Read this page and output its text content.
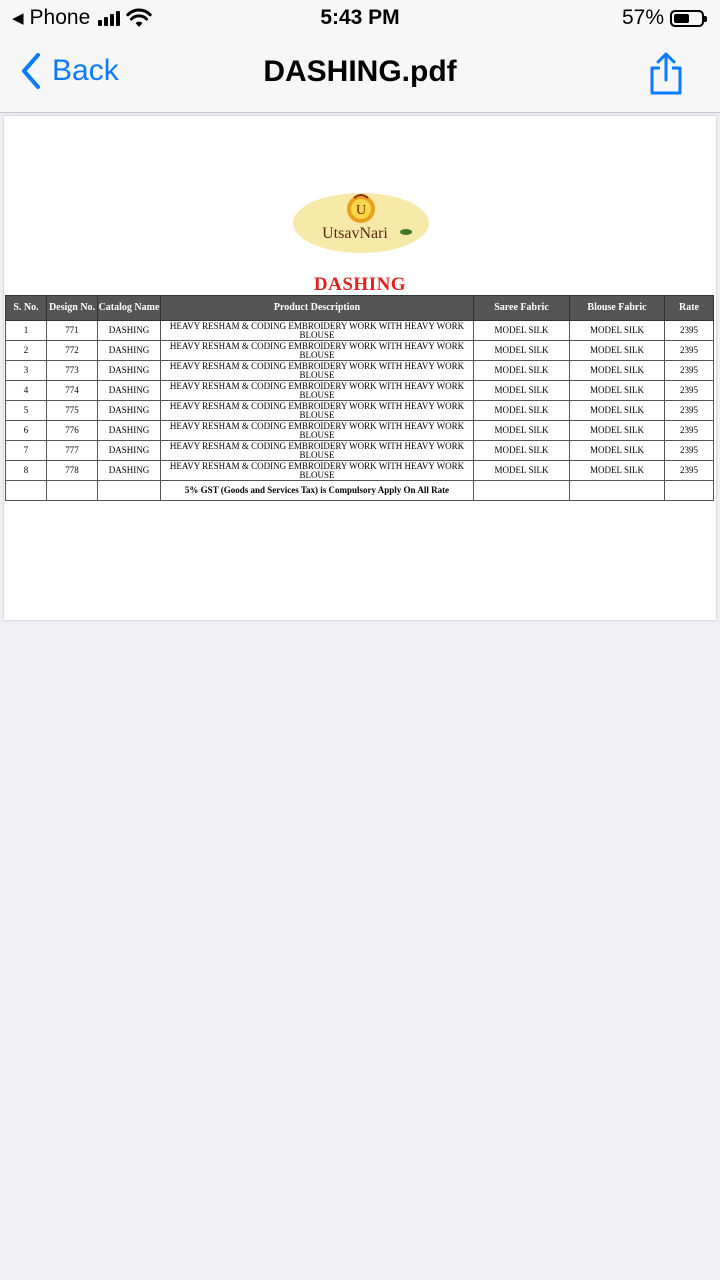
◀ Phone	5:43 PM	57%
Back	DASHING.pdf
U
UtsavNari
DASHING
S. No.	Design No.	Catalog Name	Product Description	Saree Fabric	Blouse Fabric	Rate
1	771	DASHING	HEAVY RESHAM & CODING EMBROIDERY WORK WITH HEAVY WORK BLOUSE	MODEL SILK	MODEL SILK	2395
2	772	DASHING	HEAVY RESHAM & CODING EMBROIDERY WORK WITH HEAVY WORK BLOUSE	MODEL SILK	MODEL SILK	2395
3	773	DASHING	HEAVY RESHAM & CODING EMBROIDERY WORK WITH HEAVY WORK BLOUSE	MODEL SILK	MODEL SILK	2395
4	774	DASHING	HEAVY RESHAM & CODING EMBROIDERY WORK WITH HEAVY WORK BLOUSE	MODEL SILK	MODEL SILK	2395
5	775	DASHING	HEAVY RESHAM & CODING EMBROIDERY WORK WITH HEAVY WORK BLOUSE	MODEL SILK	MODEL SILK	2395
6	776	DASHING	HEAVY RESHAM & CODING EMBROIDERY WORK WITH HEAVY WORK BLOUSE	MODEL SILK	MODEL SILK	2395
7	777	DASHING	HEAVY RESHAM & CODING EMBROIDERY WORK WITH HEAVY WORK BLOUSE	MODEL SILK	MODEL SILK	2395
8	778	DASHING	HEAVY RESHAM & CODING EMBROIDERY WORK WITH HEAVY WORK BLOUSE	MODEL SILK	MODEL SILK	2395
			5% GST (Goods and Services Tax) is Compulsory Apply On All Rate			
